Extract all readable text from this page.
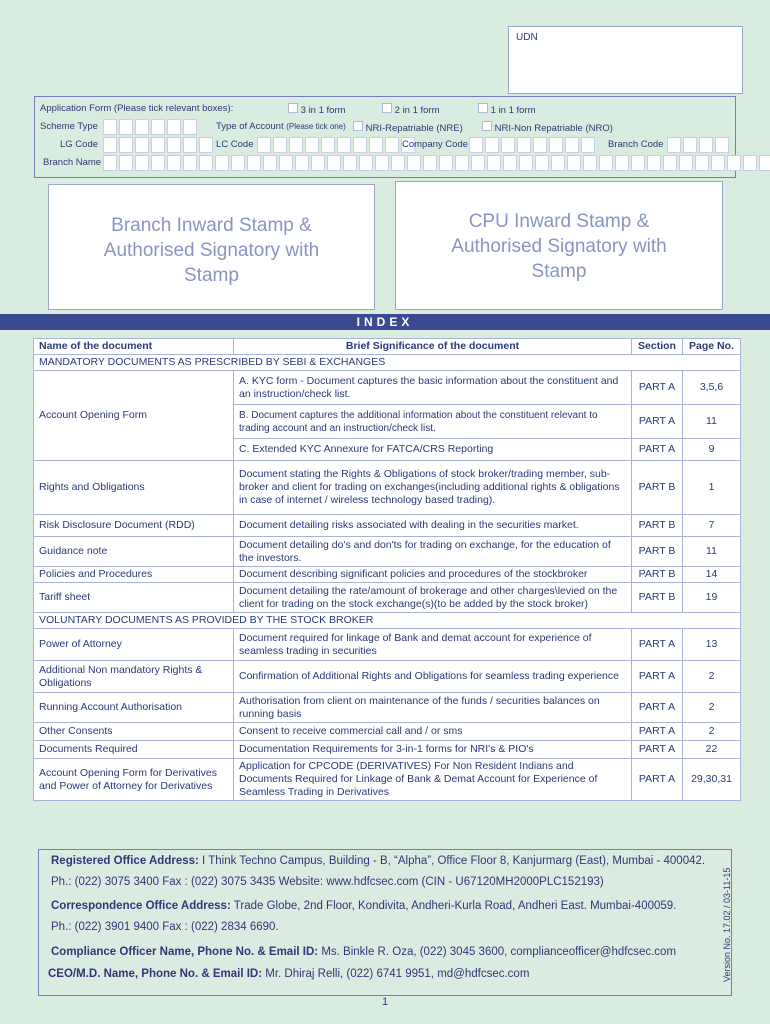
UDN
Application Form (Please tick relevant boxes):	3 in 1 form	2 in 1 form	1 in 1 form
Scheme Type	Type of Account (Please tick one)	NRI-Repatriable (NRE)	NRI-Non Repatriable (NRO)
LG Code	LC Code	Company Code	Branch Code
Branch Name
Branch Inward Stamp &
Authorised Signatory with
Stamp
CPU Inward Stamp &
Authorised Signatory with
Stamp
INDEX
Name of the document	Brief Significance of the document	Section	Page No.
MANDATORY DOCUMENTS AS PRESCRIBED BY SEBI & EXCHANGES			
Account Opening Form	A. KYC form - Document captures the basic information about the constituent and an instruction/check list.	PART A	3,5,6
	B. Document captures the additional information about the constituent relevant to trading account and an instruction/check list.	PART A	11
	C. Extended KYC Annexure for FATCA/CRS Reporting	PART A	9
Rights and Obligations	Document stating the Rights & Obligations of stock broker/trading member, sub-broker and client for trading on exchanges(including additional rights & obligations in case of internet / wireless technology based trading).	PART B	1
Risk Disclosure Document (RDD)	Document detailing risks associated with dealing in the securities market.	PART B	7
Guidance note	Document detailing do's and don'ts for trading on exchange, for the education of the investors.	PART B	11
Policies and Procedures	Document describing significant policies and procedures of the stockbroker	PART B	14
Tariff sheet	Document detailing the rate/amount of brokerage and other charges\levied on the client for trading on the stock exchange(s)(to be added by the stock broker)	PART B	19
VOLUNTARY DOCUMENTS AS PROVIDED BY THE STOCK BROKER			
Power of Attorney	Document required for linkage of Bank and demat account for experience of seamless trading in securities	PART A	13
Additional Non mandatory Rights & Obligations	Confirmation of Additional Rights and Obligations for seamless trading experience	PART A	2
Running Account Authorisation	Authorisation from client on maintenance of the funds / securities balances on running basis	PART A	2
Other Consents	Consent to receive commercial call and / or sms	PART A	2
Documents Required	Documentation Requirements for 3-in-1 forms for NRI's & PIO's	PART A	22
Account Opening Form for Derivatives and Power of Attorney for Derivatives	Application for CPCODE (DERIVATIVES) For Non Resident Indians and Documents Required for Linkage of Bank & Demat Account for Experience of Seamless Trading in Derivatives	PART A	29,30,31
Registered Office Address: I Think Techno Campus, Building - B, “Alpha”, Office Floor 8, Kanjurmarg (East), Mumbai - 400042.
Ph.: (022) 3075 3400 Fax : (022) 3075 3435 Website: www.hdfcsec.com (CIN - U67120MH2000PLC152193)
Correspondence Office Address: Trade Globe, 2nd Floor, Kondivita, Andheri-Kurla Road, Andheri East. Mumbai-400059.
Ph.: (022) 3901 9400 Fax : (022) 2834 6690.
Compliance Officer Name, Phone No. & Email ID: Ms. Binkle R. Oza, (022) 3045 3600, complianceofficer@hdfcsec.com
CEO/M.D. Name, Phone No. & Email ID: Mr. Dhiraj Relli, (022) 6741 9951, md@hdfcsec.com	Version No. 17.02 / 03-11-15
1
